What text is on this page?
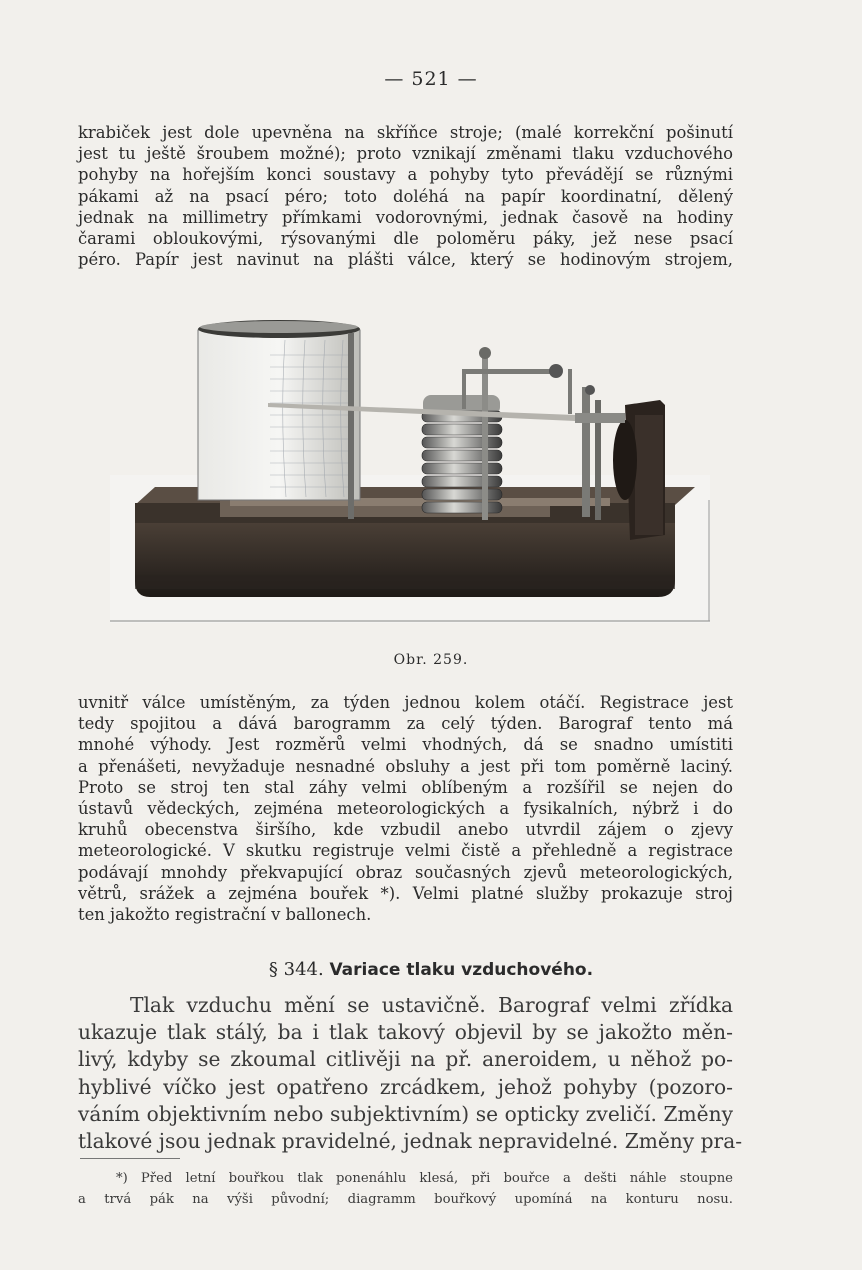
— 521 —
krabiček jest dole upevněna na skříňce stroje; (malé korrekční pošinutí
jest tu ještě šroubem možné); proto vznikají změnami tlaku vzduchového
pohyby na hořejším konci soustavy a pohyby tyto převádějí se různými
pákami až na psací péro; toto doléhá na papír koordinatní, dělený
jednak na millimetry přímkami vodorovnými, jednak časově na hodiny
čarami obloukovými, rýsovanými dle poloměru páky, jež nese psací
péro. Papír jest navinut na plášti válce, který se hodinovým strojem,
Obr. 259.
uvnitř válce umístěným, za týden jednou kolem otáčí. Registrace jest
tedy spojitou a dává barogramm za celý týden. Barograf tento má
mnohé výhody. Jest rozměrů velmi vhodných, dá se snadno umístiti
a přenášeti, nevyžaduje nesnadné obsluhy a jest při tom poměrně laciný.
Proto se stroj ten stal záhy velmi oblíbeným a rozšířil se nejen do
ústavů vědeckých, zejména meteorologických a fysikalních, nýbrž i do
kruhů obecenstva širšího, kde vzbudil anebo utvrdil zájem o zjevy
meteorologické. V skutku registruje velmi čistě a přehledně a registrace
podávají mnohdy překvapující obraz současných zjevů meteorologických,
větrů, srážek a zejména bouřek *). Velmi platné služby prokazuje stroj
ten jakožto registrační v ballonech.
§ 344. Variace tlaku vzduchového.
Tlak vzduchu mění se ustavičně. Barograf velmi zřídka
ukazuje tlak stálý, ba i tlak takový objevil by se jakožto měn-
livý, kdyby se zkoumal citlivěji na př. aneroidem, u něhož po-
hyblivé víčko jest opatřeno zrcádkem, jehož pohyby (pozoro-
váním objektivním nebo subjektivním) se opticky zveličí. Změny
tlakové jsou jednak pravidelné, jednak nepravidelné. Změny pra-
*) Před letní bouřkou tlak ponenáhlu klesá, při bouřce a dešti náhle stoupne
a trvá pák na výši původní; diagramm bouřkový upomíná na konturu nosu.
